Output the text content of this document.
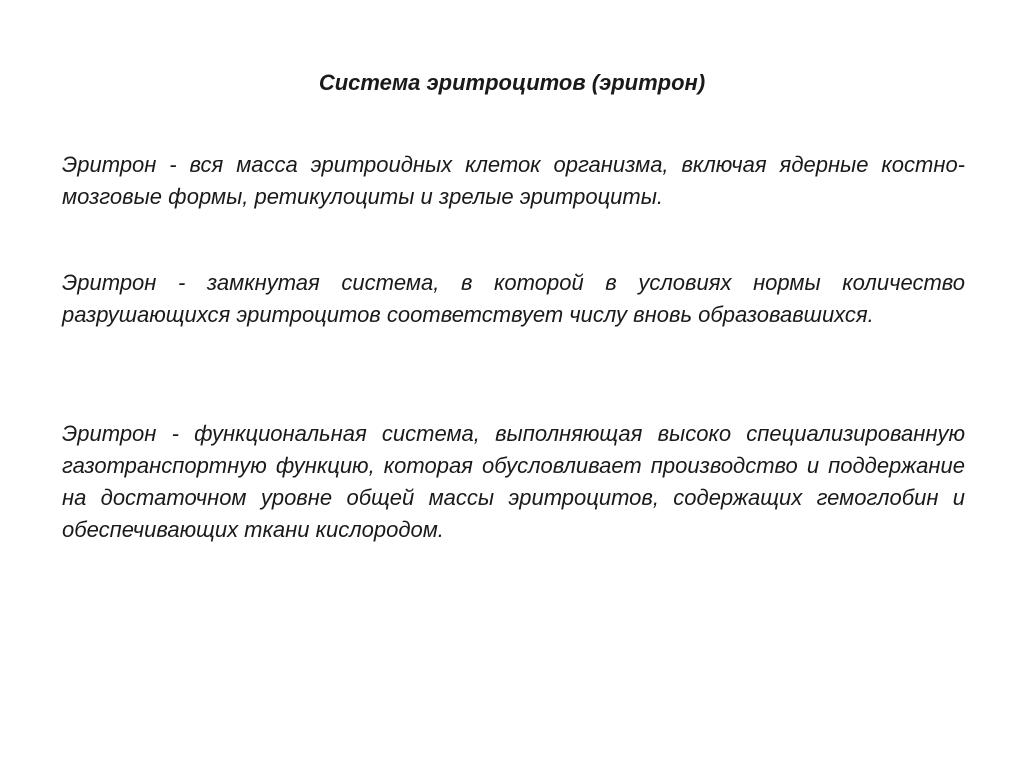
Система эритроцитов (эритрон)

Эритрон - вся масса эритроидных клеток организма, включая ядерные костно- мозговые формы, ретикулоциты и зрелые эритроциты.

Эритрон - замкнутая система, в которой в условиях нормы количество разрушающихся эритроцитов соответствует числу вновь образовавшихся.

Эритрон - функциональная система, выполняющая высоко специализированную газотранспортную функцию, которая обусловливает производство и поддержание на достаточном уровне общей массы эритроцитов, содержащих гемоглобин и обеспечивающих ткани кислородом.
